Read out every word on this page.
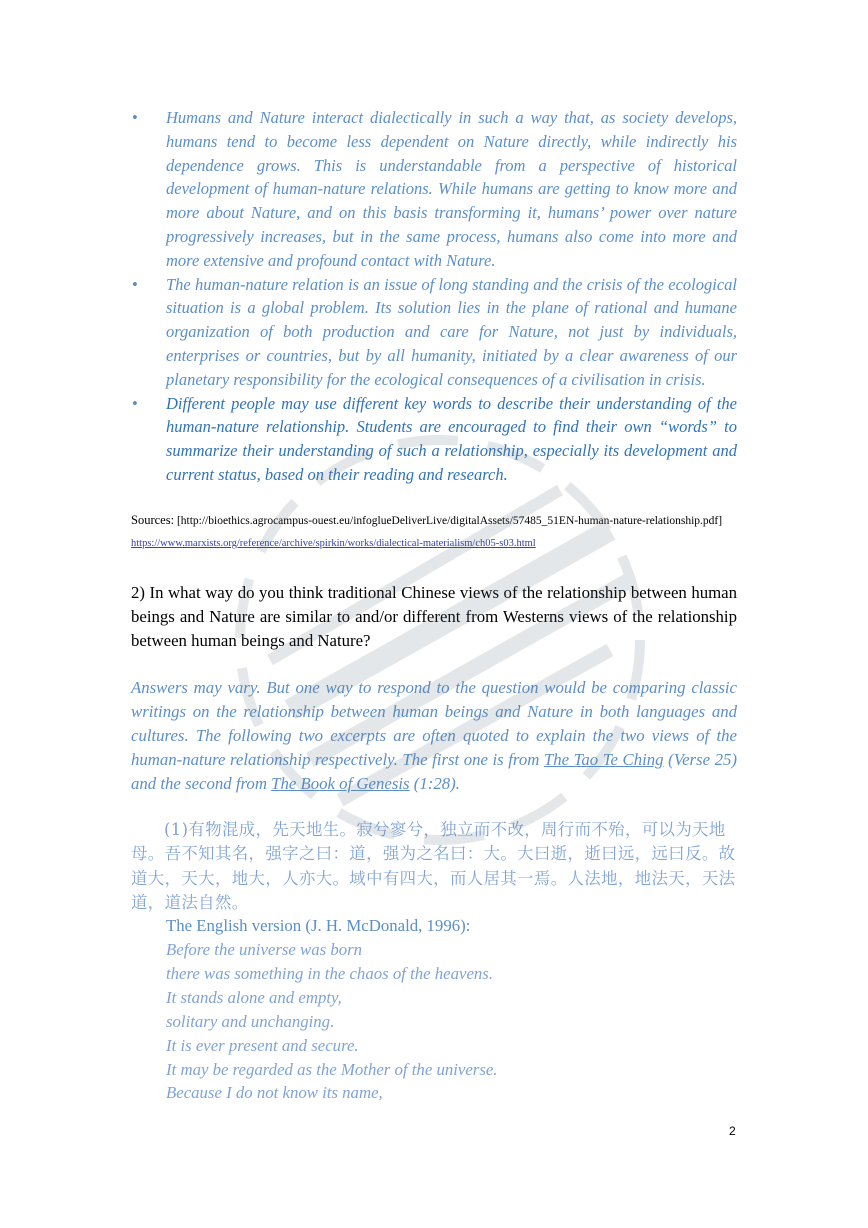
• Humans and Nature interact dialectically in such a way that, as society develops, humans tend to become less dependent on Nature directly, while indirectly his dependence grows. This is understandable from a perspective of historical development of human-nature relations. While humans are getting to know more and more about Nature, and on this basis transforming it, humans’ power over nature progressively increases, but in the same process, humans also come into more and more extensive and profound contact with Nature.
• The human-nature relation is an issue of long standing and the crisis of the ecological situation is a global problem. Its solution lies in the plane of rational and humane organization of both production and care for Nature, not just by individuals, enterprises or countries, but by all humanity, initiated by a clear awareness of our planetary responsibility for the ecological consequences of a civilisation in crisis.
• Different people may use different key words to describe their understanding of the human-nature relationship. Students are encouraged to find their own “words” to summarize their understanding of such a relationship, especially its development and current status, based on their reading and research.
Sources: [http://bioethics.agrocampus-ouest.eu/infoglueDeliverLive/digitalAssets/57485_51EN-human-nature-relationship.pdf]
https://www.marxists.org/reference/archive/spirkin/works/dialectical-materialism/ch05-s03.html
2) In what way do you think traditional Chinese views of the relationship between human beings and Nature are similar to and/or different from Westerns views of the relationship between human beings and Nature?
Answers may vary. But one way to respond to the question would be comparing classic writings on the relationship between human beings and Nature in both languages and cultures. The following two excerpts are often quoted to explain the two views of the human-nature relationship respectively. The first one is from The Tao Te Ching (Verse 25) and the second from The Book of Genesis (1:28).
(1)有物混成，先天地生。寂兮寥兮，独立而不改，周行而不殆，可以为天地母。吾不知其名，强字之曰：道，强为之名曰：大。大曰逝，逝曰远，远曰反。故道大，天大，地大，人亦大。域中有四大，而人居其一焉。人法地，地法天，天法道，道法自然。
The English version (J. H. McDonald, 1996):
Before the universe was born
there was something in the chaos of the heavens.
It stands alone and empty,
solitary and unchanging.
It is ever present and secure.
It may be regarded as the Mother of the universe.
Because I do not know its name,
2
